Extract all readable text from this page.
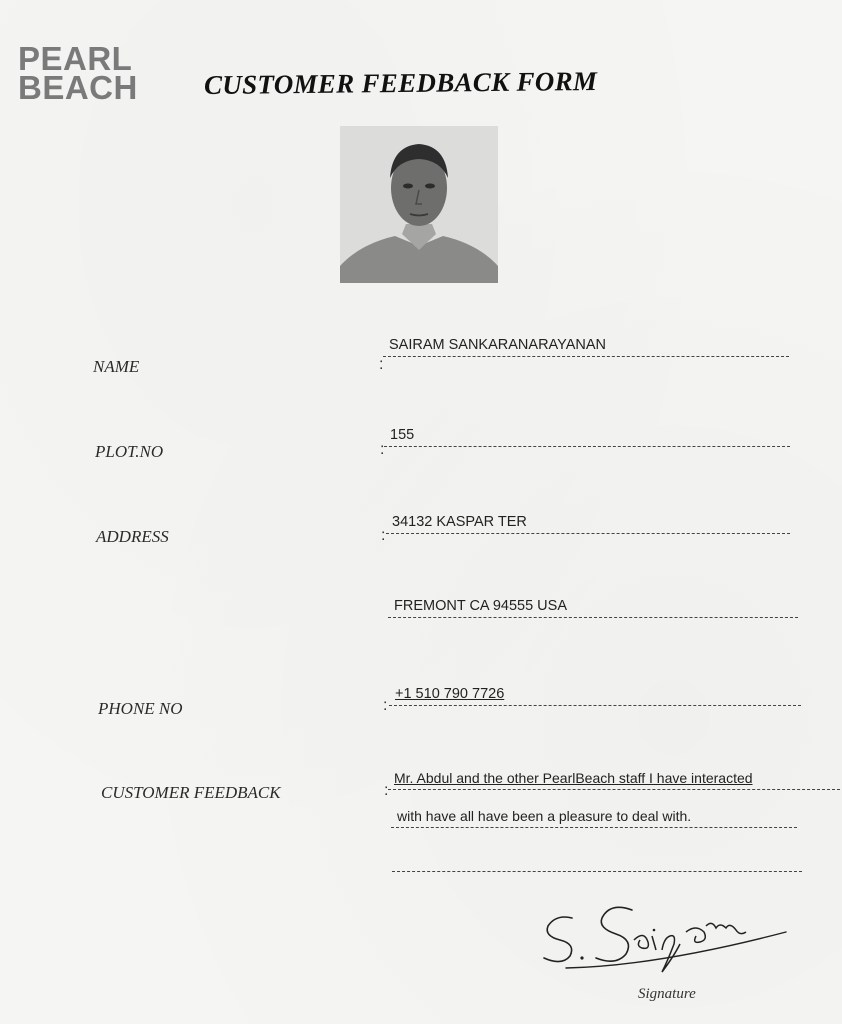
PEARL
BEACH	CUSTOMER FEEDBACK FORM
NAME	:
SAIRAM SANKARANARAYANAN
PLOT.NO	:
155
ADDRESS	:
34132 KASPAR TER
FREMONT CA 94555 USA
PHONE NO	:
+1 510 790 7726
CUSTOMER FEEDBACK	:
Mr. Abdul and the other PearlBeach staff I have interacted
with have all have been a pleasure to deal with.
Signature
